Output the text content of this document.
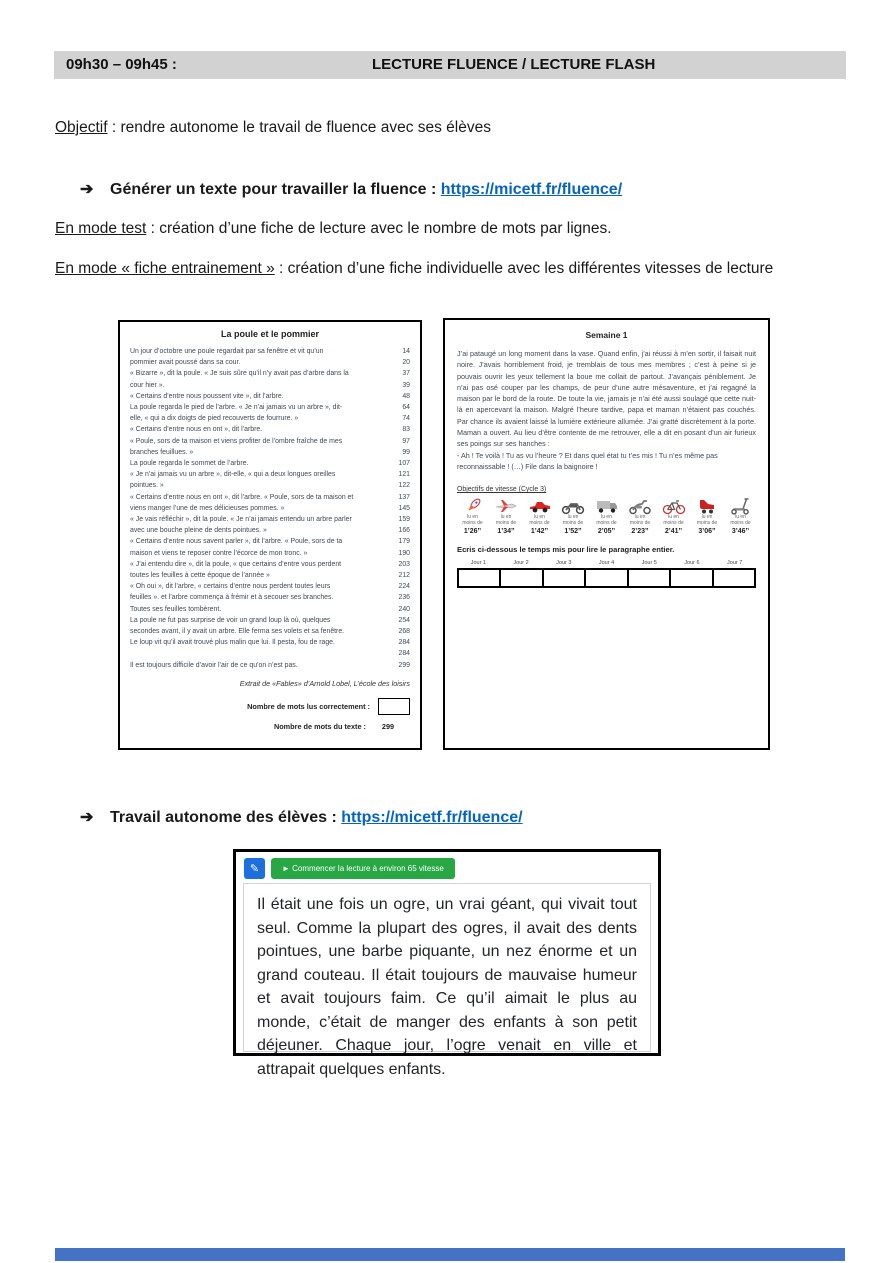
09h30 – 09h45 :	LECTURE FLUENCE / LECTURE FLASH
Objectif : rendre autonome le travail de fluence avec ses élèves
➔ Générer un texte pour travailler la fluence : https://micetf.fr/fluence/
En mode test : création d’une fiche de lecture avec le nombre de mots par lignes.
En mode « fiche entrainement » : création d’une fiche individuelle avec les différentes vitesses de lecture
La poule et le pommier
Un jour d’octobre une poule regardait par sa fenêtre et vit qu’un	14
pommier avait poussé dans sa cour.	20
« Bizarre », dit la poule. « Je suis sûre qu’il n’y avait pas d’arbre dans la	37
cour hier ».	39
« Certains d’entre nous poussent vite », dit l’arbre.	48
La poule regarda le pied de l’arbre. « Je n’ai jamais vu un arbre », dit-	64
elle, « qui a dix doigts de pied recouverts de fourrure. »	74
« Certains d’entre nous en ont », dit l’arbre.	83
« Poule, sors de ta maison et viens profiter de l’ombre fraîche de mes	97
branches feuillues. »	99
La poule regarda le sommet de l’arbre.	107
« Je n’ai jamais vu un arbre », dit-elle, « qui a deux longues oreilles	121
pointues. »	122
« Certains d’entre nous en ont », dit l’arbre. « Poule, sors de ta maison et	137
viens manger l’une de mes délicieuses pommes. »	145
« Je vais réfléchir », dit la poule. « Je n’ai jamais entendu un arbre parler	159
avec une bouche pleine de dents pointues. »	166
« Certains d’entre nous savent parler », dit l’arbre. « Poule, sors de ta	179
maison et viens te reposer contre l’écorce de mon tronc. »	190
« J’ai entendu dire », dit la poule, « que certains d’entre vous perdent	203
toutes les feuilles à cette époque de l’année »	212
« Oh oui », dit l’arbre, « certains d’entre nous perdent toutes leurs	224
feuilles ». et l’arbre commença à frémir et à secouer ses branches.	236
Toutes ses feuilles tombèrent.	240
La poule ne fut pas surprise de voir un grand loup là où, quelques	254
secondes avant, il y avait un arbre. Elle ferma ses volets et sa fenêtre.	268
Le loup vit qu’il avait trouvé plus malin que lui. Il pesta, fou de rage.	284
284
Il est toujours difficile d’avoir l’air de ce qu’on n’est pas.	299
Extrait de «Fables» d’Arnold Lobel, L’école des loisirs
Nombre de mots lus correctement :
Nombre de mots du texte : 299
Semaine 1
J’ai pataugé un long moment dans la vase. Quand enfin, j’ai réussi à m’en sortir, il faisait nuit noire. J’avais horriblement froid, je tremblais de tous mes membres ; c’est à peine si je pouvais ouvrir les yeux tellement la boue me collait de partout. J’avançais péniblement. Je n’ai pas osé couper par les champs, de peur d’une autre mésaventure, et j’ai regagné la maison par le bord de la route. De toute la vie, jamais je n’ai été aussi soulagé que cette nuit-là en apercevant la maison. Malgré l’heure tardive, papa et maman n’étaient pas couchés. Par chance ils avaient laissé la lumière extérieure allumée. J’ai gratté discrètement à la porte. Maman a ouvert. Au lieu d’être contente de me retrouver, elle a dit en posant d’un air furieux ses poings sur ses hanches :
- Ah ! Te voilà ! Tu as vu l’heure ? Et dans quel état tu t’es mis ! Tu n’es même pas reconnaissable ! (…) File dans la baignoire !
Objectifs de vitesse (Cycle 3)
lu en
moins de
1’26’’
lu en
moins de
1’34’’
lu en
moins de
1’42’’
lu en
moins de
1’52’’
lu en
moins de
2’05’’
lu en
moins de
2’23’’
lu en
moins de
2’41’’
lu en
moins de
3’06’’
lu en
moins de
3’46’’
Ecris ci-dessous le temps mis pour lire le paragraphe entier.
Jour 1	Jour 2	Jour 3	Jour 4	Jour 5	Jour 6	Jour 7
➔ Travail autonome des élèves : https://micetf.fr/fluence/
✎	► Commencer la lecture à environ 65 vitesse
Il était une fois un ogre, un vrai géant, qui vivait tout seul. Comme la plupart des ogres, il avait des dents pointues, une barbe piquante, un nez énorme et un grand couteau. Il était toujours de mauvaise humeur et avait toujours faim. Ce qu’il aimait le plus au monde, c’était de manger des enfants à son petit déjeuner. Chaque jour, l’ogre venait en ville et attrapait quelques enfants.
